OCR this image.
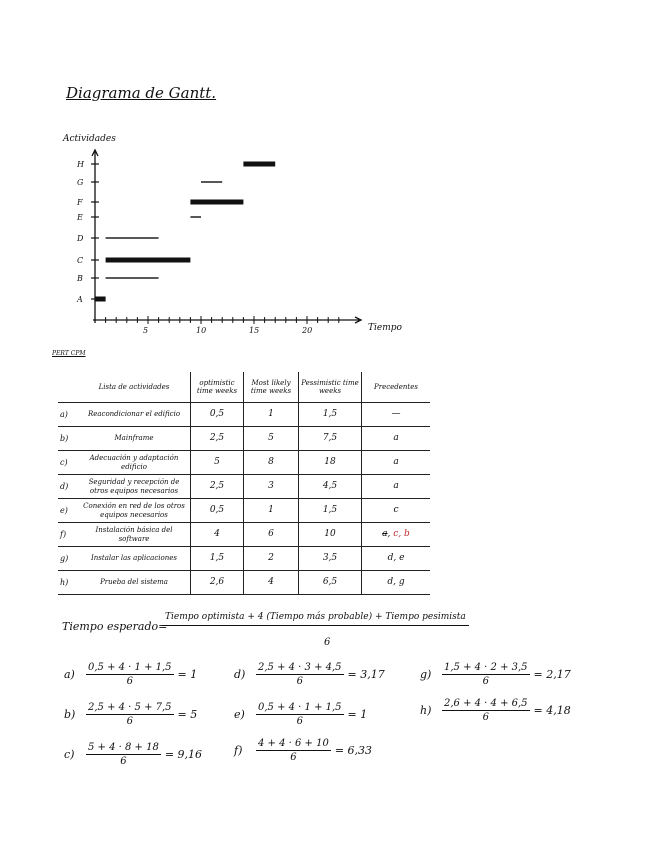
Diagrama de Gantt.
Actividades
Tiempo
A
B
C
D
E
F
G
H
5	10	15	20
PERT CPM
	Lista de actividades	optimistic time weeks	Most likely time weeks	Pessimistic time weeks	Precedentes
a)	Reacondicionar el edificio	0,5	1	1,5	—
b)	Mainframe	2,5	5	7,5	a
c)	Adecuación y adaptación edificio	5	8	18	a
d)	Seguridad y recepción de otros equipos necesarios	2,5	3	4,5	a
e)	Conexión en red de los otros equipos necesarios	0,5	1	1,5	c
f)	Instalación básica del software	4	6	10	a, c, b
g)	Instalar las aplicaciones	1,5	2	3,5	d, e
h)	Prueba del sistema	2,6	4	6,5	d, g
Tiempo esperado=
Tiempo optimista + 4 (Tiempo más probable) + Tiempo pesimista
6
a)	$\frac{0,5 + 4 \cdot 1 + 1,5}{6} = 1$
b)	$\frac{2,5 + 4 \cdot 5 + 7,5}{6} = 5$
c)	$\frac{5 + 4 \cdot 8 + 18}{6} = 9,16$
d)	$\frac{2,5 + 4 \cdot 3 + 4,5}{6} = 3,17$
e)	$\frac{0,5 + 4 \cdot 1 + 1,5}{6} = 1$
f)	$\frac{4 + 4 \cdot 6 + 10}{6} = 6,33$
g)	$\frac{1,5 + 4 \cdot 2 + 3,5}{6} = 2,17$
h)	$\frac{2,6 + 4 \cdot 4 + 6,5}{6} = 4,18$
